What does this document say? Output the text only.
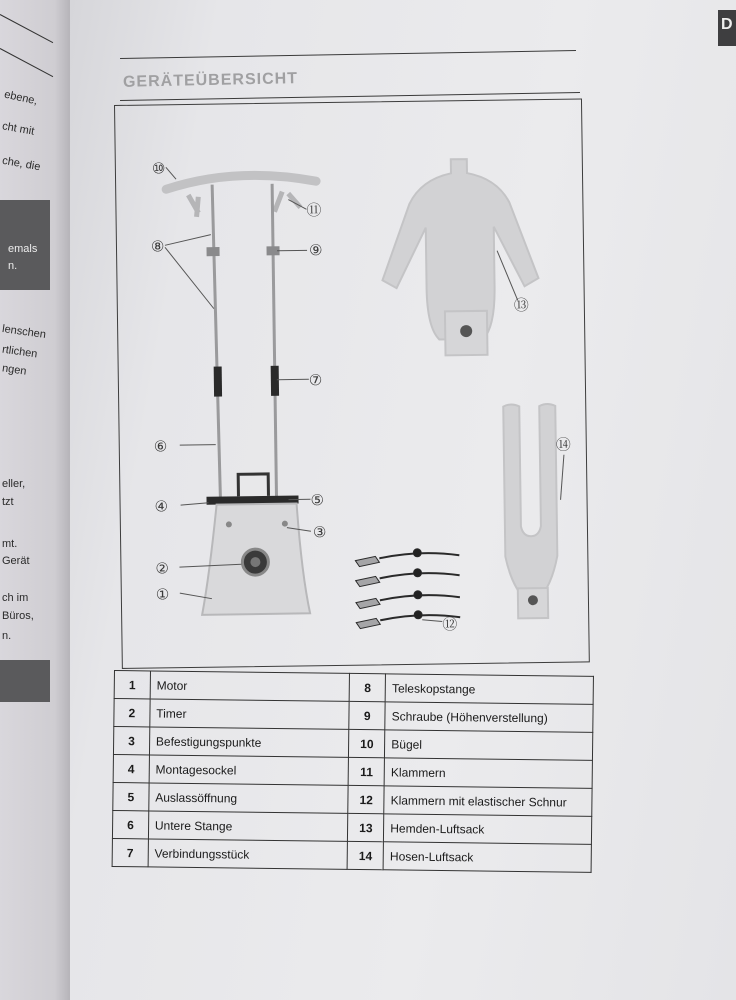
ebene,
cht mit
che, die
emals
n.
lenschen
rtlichen
ngen
eller,
tzt
mt.
Gerät
ch im
Büros,
n.
D
GERÄTEÜBERSICHT
⑩
⑪
⑧	⑨
⑦
⑥
④	⑤
③
②
①
⑬
⑭
⑫
1	Motor	8	Teleskopstange
2	Timer	9	Schraube (Höhenverstellung)
3	Befestigungspunkte	10	Bügel
4	Montagesockel	11	Klammern
5	Auslassöffnung	12	Klammern mit elastischer Schnur
6	Untere Stange	13	Hemden-Luftsack
7	Verbindungsstück	14	Hosen-Luftsack
